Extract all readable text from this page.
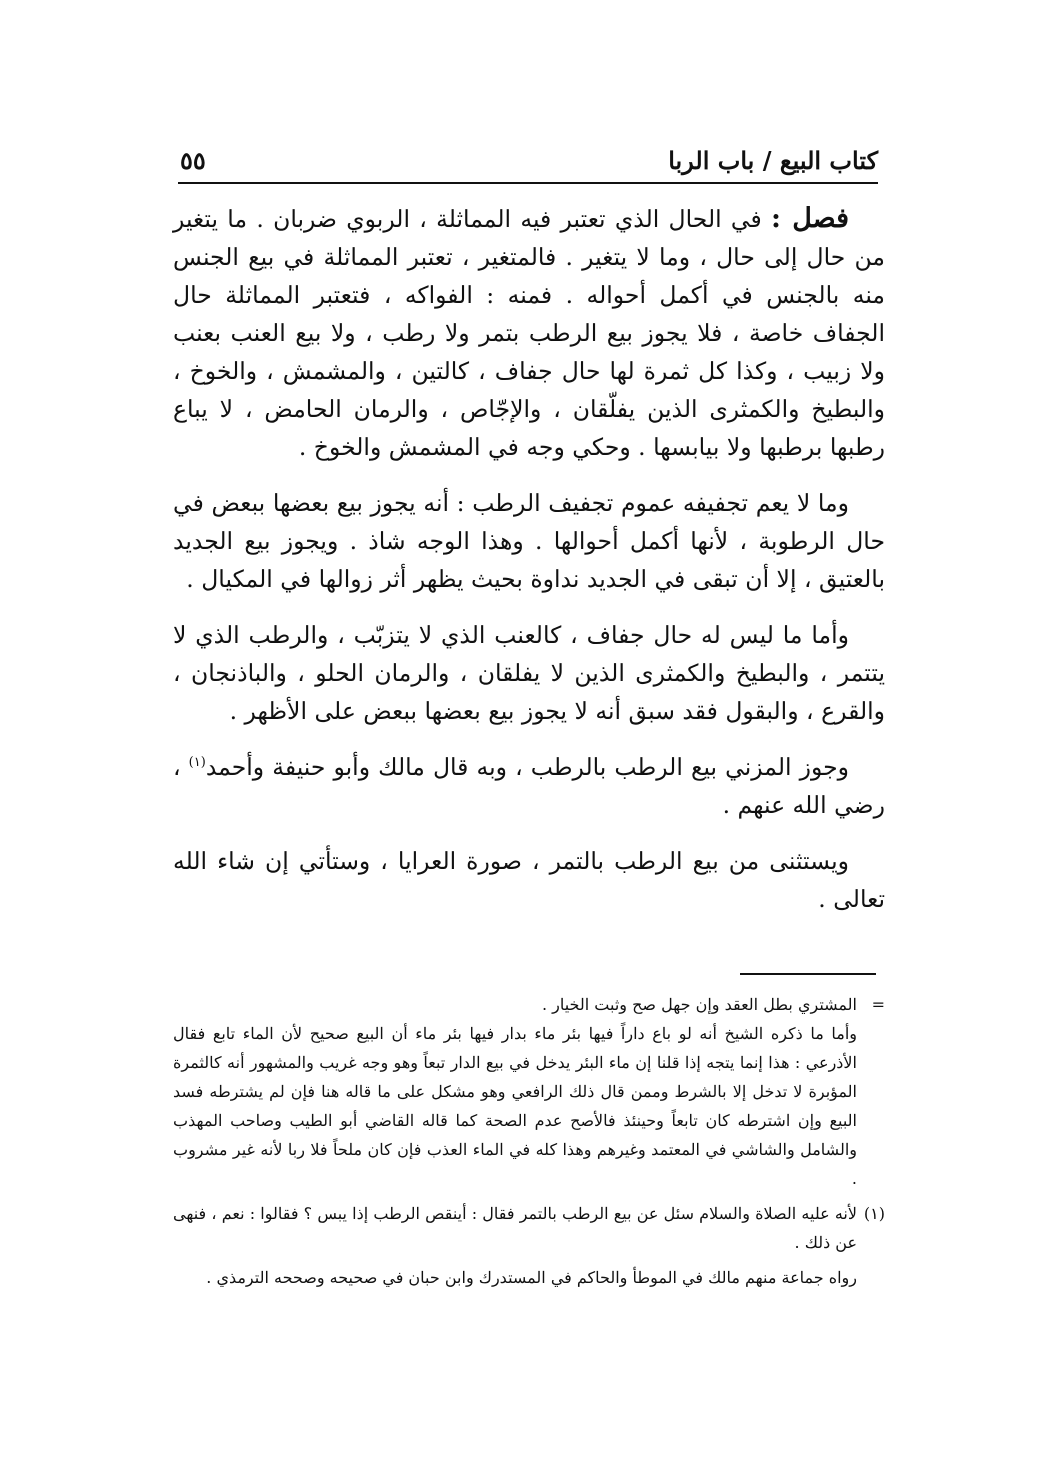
كتاب البيع / باب الربا
٥٥

فصل : في الحال الذي تعتبر فيه المماثلة ، الربوي ضربان . ما يتغير من حال إلى حال ، وما لا يتغير . فالمتغير ، تعتبر المماثلة في بيع الجنس منه بالجنس في أكمل أحواله . فمنه : الفواكه ، فتعتبر المماثلة حال الجفاف خاصة ، فلا يجوز بيع الرطب بتمر ولا رطب ، ولا بيع العنب بعنب ولا زبيب ، وكذا كل ثمرة لها حال جفاف ، كالتين ، والمشمش ، والخوخ ، والبطيخ والكمثرى الذين يفلّقان ، والإجّاص ، والرمان الحامض ، لا يباع رطبها برطبها ولا بيابسها . وحكي وجه في المشمش والخوخ .

وما لا يعم تجفيفه عموم تجفيف الرطب : أنه يجوز بيع بعضها ببعض في حال الرطوبة ، لأنها أكمل أحوالها . وهذا الوجه شاذ . ويجوز بيع الجديد بالعتيق ، إلا أن تبقى في الجديد نداوة بحيث يظهر أثر زوالها في المكيال .

وأما ما ليس له حال جفاف ، كالعنب الذي لا يتزبّب ، والرطب الذي لا يتتمر ، والبطيخ والكمثرى الذين لا يفلقان ، والرمان الحلو ، والباذنجان ، والقرع ، والبقول فقد سبق أنه لا يجوز بيع بعضها ببعض على الأظهر .

وجوز المزني بيع الرطب بالرطب ، وبه قال مالك وأبو حنيفة وأحمد$^{(١)}$ ، رضي الله عنهم .

ويستثنى من بيع الرطب بالتمر ، صورة العرايا ، وستأتي إن شاء الله تعالى .

=
المشتري بطل العقد وإن جهل صح وثبت الخيار .

وأما ما ذكره الشيخ أنه لو باع داراً فيها بئر ماء بدار فيها بئر ماء أن البيع صحيح لأن الماء تابع فقال الأذرعي : هذا إنما يتجه إذا قلنا إن ماء البئر يدخل في بيع الدار تبعاً وهو وجه غريب والمشهور أنه كالثمرة المؤبرة لا تدخل إلا بالشرط وممن قال ذلك الرافعي وهو مشكل على ما قاله هنا فإن لم يشترطه فسد البيع وإن اشترطه كان تابعاً وحينئذ فالأصح عدم الصحة كما قاله القاضي أبو الطيب وصاحب المهذب والشامل والشاشي في المعتمد وغيرهم وهذا كله في الماء العذب فإن كان ملحاً فلا ربا لأنه غير مشروب .

(١)
لأنه عليه الصلاة والسلام سئل عن بيع الرطب بالتمر فقال : أينقص الرطب إذا يبس ؟ فقالوا : نعم ، فنهى عن ذلك .

رواه جماعة منهم مالك في الموطأ والحاكم في المستدرك وابن حبان في صحيحه وصححه الترمذي .
